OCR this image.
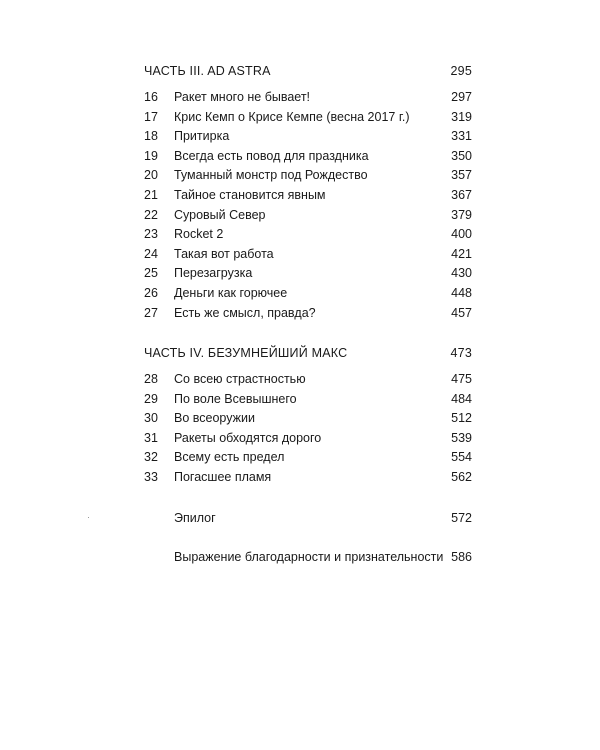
ЧАСТЬ III. AD ASTRA	295
16 Ракет много не бывает!	297
17 Крис Кемп о Крисе Кемпе (весна 2017 г.)	319
18 Притирка	331
19 Всегда есть повод для праздника	350
20 Туманный монстр под Рождество	357
21 Тайное становится явным	367
22 Суровый Север	379
23 Rocket 2	400
24 Такая вот работа	421
25 Перезагрузка	430
26 Деньги как горючее	448
27 Есть же смысл, правда?	457
ЧАСТЬ IV. БЕЗУМНЕЙШИЙ МАКС	473
28 Со всею страстностью	475
29 По воле Всевышнего	484
30 Во всеоружии	512
31 Ракеты обходятся дорого	539
32 Всему есть предел	554
33 Погасшее пламя	562
Эпилог	572
Выражение благодарности и признательности 586
